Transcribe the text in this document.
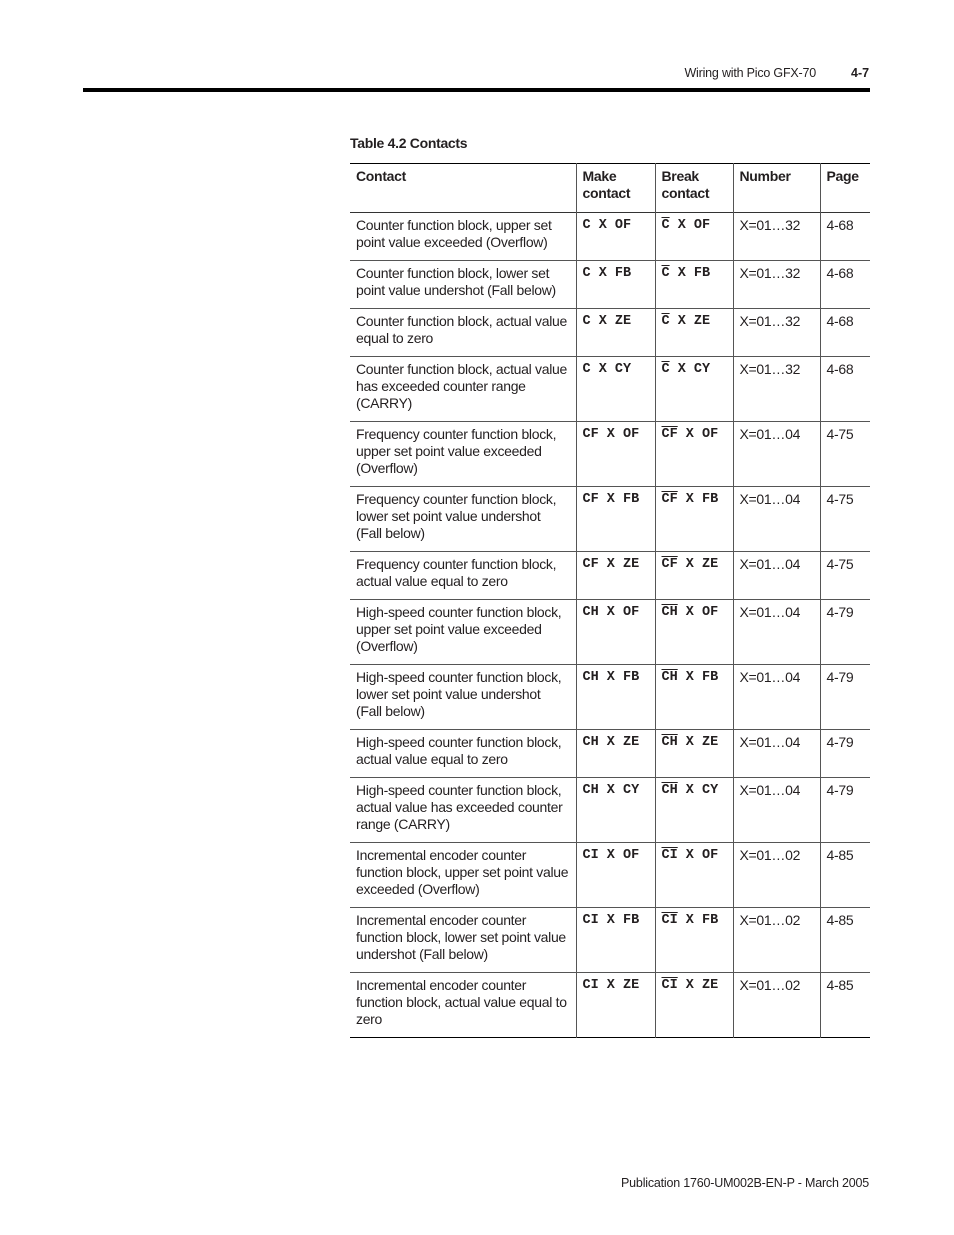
Wiring with Pico GFX-70	4-7
Table 4.2 Contacts
Contact	Make contact	Break contact	Number	Page
Counter function block, upper set point value exceeded (Overflow)	C X OF	$\overline{C}$ X OF	X=01…32	4-68
Counter function block, lower set point value undershot (Fall below)	C X FB	$\overline{C}$ X FB	X=01…32	4-68
Counter function block, actual value equal to zero	C X ZE	$\overline{C}$ X ZE	X=01…32	4-68
Counter function block, actual value has exceeded counter range (CARRY)	C X CY	$\overline{C}$ X CY	X=01…32	4-68
Frequency counter function block, upper set point value exceeded (Overflow)	CF X OF	$\overline{CF}$ X OF	X=01…04	4-75
Frequency counter function block, lower set point value undershot (Fall below)	CF X FB	$\overline{CF}$ X FB	X=01…04	4-75
Frequency counter function block, actual value equal to zero	CF X ZE	$\overline{CF}$ X ZE	X=01…04	4-75
High-speed counter function block, upper set point value exceeded (Overflow)	CH X OF	$\overline{CH}$ X OF	X=01…04	4-79
High-speed counter function block, lower set point value undershot (Fall below)	CH X FB	$\overline{CH}$ X FB	X=01…04	4-79
High-speed counter function block, actual value equal to zero	CH X ZE	$\overline{CH}$ X ZE	X=01…04	4-79
High-speed counter function block, actual value has exceeded counter range (CARRY)	CH X CY	$\overline{CH}$ X CY	X=01…04	4-79
Incremental encoder counter function block, upper set point value exceeded (Overflow)	CI X OF	$\overline{CI}$ X OF	X=01…02	4-85
Incremental encoder counter function block, lower set point value undershot (Fall below)	CI X FB	$\overline{CI}$ X FB	X=01…02	4-85
Incremental encoder counter function block, actual value equal to zero	CI X ZE	$\overline{CI}$ X ZE	X=01…02	4-85
Publication 1760-UM002B-EN-P - March 2005
